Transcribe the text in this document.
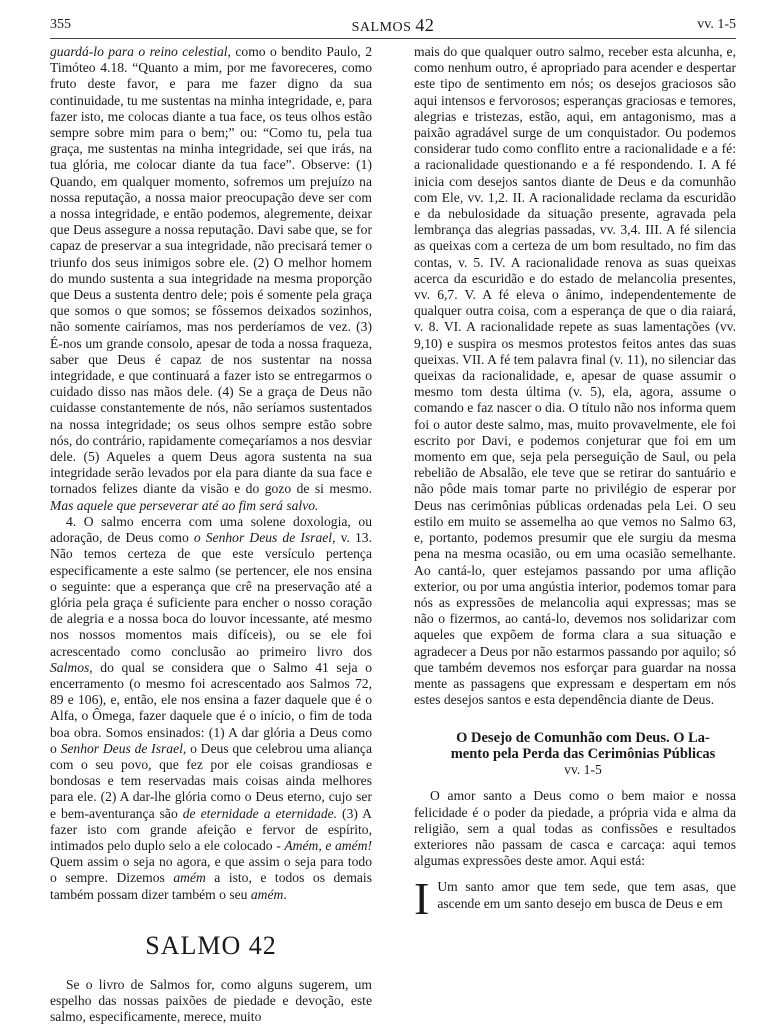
355	SALMOS 42	vv. 1-5

guardá-lo para o reino celestial, como o bendito Paulo, 2 Timóteo 4.18. “Quanto a mim, por me favoreceres, como fruto deste favor, e para me fazer digno da sua continuidade, tu me sustentas na minha integridade, e, para fazer isto, me colocas diante a tua face, os teus olhos estão sempre sobre mim para o bem;” ou: “Como tu, pela tua graça, me sustentas na minha integridade, sei que irás, na tua glória, me colocar diante da tua face”. Observe: (1) Quando, em qualquer momento, sofremos um prejuízo na nossa reputação, a nossa maior preocupação deve ser com a nossa integridade, e então podemos, alegremente, deixar que Deus assegure a nossa reputação. Davi sabe que, se for capaz de preservar a sua integridade, não precisará temer o triunfo dos seus inimigos sobre ele. (2) O melhor homem do mundo sustenta a sua integridade na mesma proporção que Deus a sustenta dentro dele; pois é somente pela graça que somos o que somos; se fôssemos deixados sozinhos, não somente cairíamos, mas nos perderíamos de vez. (3) É-nos um grande consolo, apesar de toda a nossa fraqueza, saber que Deus é capaz de nos sustentar na nossa integridade, e que continuará a fazer isto se entregarmos o cuidado disso nas mãos dele. (4) Se a graça de Deus não cuidasse constantemente de nós, não seríamos sustentados na nossa integridade; os seus olhos sempre estão sobre nós, do contrário, rapidamente começaríamos a nos desviar dele. (5) Aqueles a quem Deus agora sustenta na sua integridade serão levados por ela para diante da sua face e tornados felizes diante da visão e do gozo de si mesmo. Mas aquele que perseverar até ao fim será salvo.

4. O salmo encerra com uma solene doxologia, ou adoração, de Deus como o Senhor Deus de Israel, v. 13. Não temos certeza de que este versículo pertença especificamente a este salmo (se pertencer, ele nos ensina o seguinte: que a esperança que crê na preservação até a glória pela graça é suficiente para encher o nosso coração de alegria e a nossa boca do louvor incessante, até mesmo nos nossos momentos mais difíceis), ou se ele foi acrescentado como conclusão ao primeiro livro dos Salmos, do qual se considera que o Salmo 41 seja o encerramento (o mesmo foi acrescentado aos Salmos 72, 89 e 106), e, então, ele nos ensina a fazer daquele que é o Alfa, o Ômega, fazer daquele que é o início, o fim de toda boa obra. Somos ensinados: (1) A dar glória a Deus como o Senhor Deus de Israel, o Deus que celebrou uma aliança com o seu povo, que fez por ele coisas grandiosas e bondosas e tem reservadas mais coisas ainda melhores para ele. (2) A dar-lhe glória como o Deus eterno, cujo ser e bem-aventurança são de eternidade a eternidade. (3) A fazer isto com grande afeição e fervor de espírito, intimados pelo duplo selo a ele colocado - Amém, e amém! Quem assim o seja no agora, e que assim o seja para todo o sempre. Dizemos amém a isto, e todos os demais também possam dizer também o seu amém.

SALMO 42

Se o livro de Salmos for, como alguns sugerem, um espelho das nossas paixões de piedade e devoção, este salmo, especificamente, merece, muito

mais do que qualquer outro salmo, receber esta alcunha, e, como nenhum outro, é apropriado para acender e despertar este tipo de sentimento em nós; os desejos graciosos são aqui intensos e fervorosos; esperanças graciosas e temores, alegrias e tristezas, estão, aqui, em antagonismo, mas a paixão agradável surge de um conquistador. Ou podemos considerar tudo como conflito entre a racionalidade e a fé: a racionalidade questionando e a fé respondendo. I. A fé inicia com desejos santos diante de Deus e da comunhão com Ele, vv. 1,2. II. A racionalidade reclama da escuridão e da nebulosidade da situação presente, agravada pela lembrança das alegrias passadas, vv. 3,4. III. A fé silencia as queixas com a certeza de um bom resultado, no fim das contas, v. 5. IV. A racionalidade renova as suas queixas acerca da escuridão e do estado de melancolia presentes, vv. 6,7. V. A fé eleva o ânimo, independentemente de qualquer outra coisa, com a esperança de que o dia raiará, v. 8. VI. A racionalidade repete as suas lamentações (vv. 9,10) e suspira os mesmos protestos feitos antes das suas queixas. VII. A fé tem palavra final (v. 11), no silenciar das queixas da racionalidade, e, apesar de quase assumir o mesmo tom desta última (v. 5), ela, agora, assume o comando e faz nascer o dia. O título não nos informa quem foi o autor deste salmo, mas, muito provavelmente, ele foi escrito por Davi, e podemos conjeturar que foi em um momento em que, seja pela perseguição de Saul, ou pela rebelião de Absalão, ele teve que se retirar do santuário e não pôde mais tomar parte no privilégio de esperar por Deus nas cerimônias públicas ordenadas pela Lei. O seu estilo em muito se assemelha ao que vemos no Salmo 63, e, portanto, podemos presumir que ele surgiu da mesma pena na mesma ocasião, ou em uma ocasião semelhante. Ao cantá-lo, quer estejamos passando por uma aflição exterior, ou por uma angústia interior, podemos tomar para nós as expressões de melancolia aqui expressas; mas se não o fizermos, ao cantá-lo, devemos nos solidarizar com aqueles que expõem de forma clara a sua situação e agradecer a Deus por não estarmos passando por aquilo; só que também devemos nos esforçar para guardar na nossa mente as passagens que expressam e despertam em nós estes desejos santos e esta dependência diante de Deus.

O Desejo de Comunhão com Deus. O La-

mento pela Perda das Cerimônias Públicas

vv. 1-5

O amor santo a Deus como o bem maior e nossa felicidade é o poder da piedade, a própria vida e alma da religião, sem a qual todas as confissões e resultados exteriores não passam de casca e carcaça: aqui temos algumas expressões deste amor. Aqui está:

I Um santo amor que tem sede, que tem asas, que ascende em um santo desejo em busca de Deus e em
